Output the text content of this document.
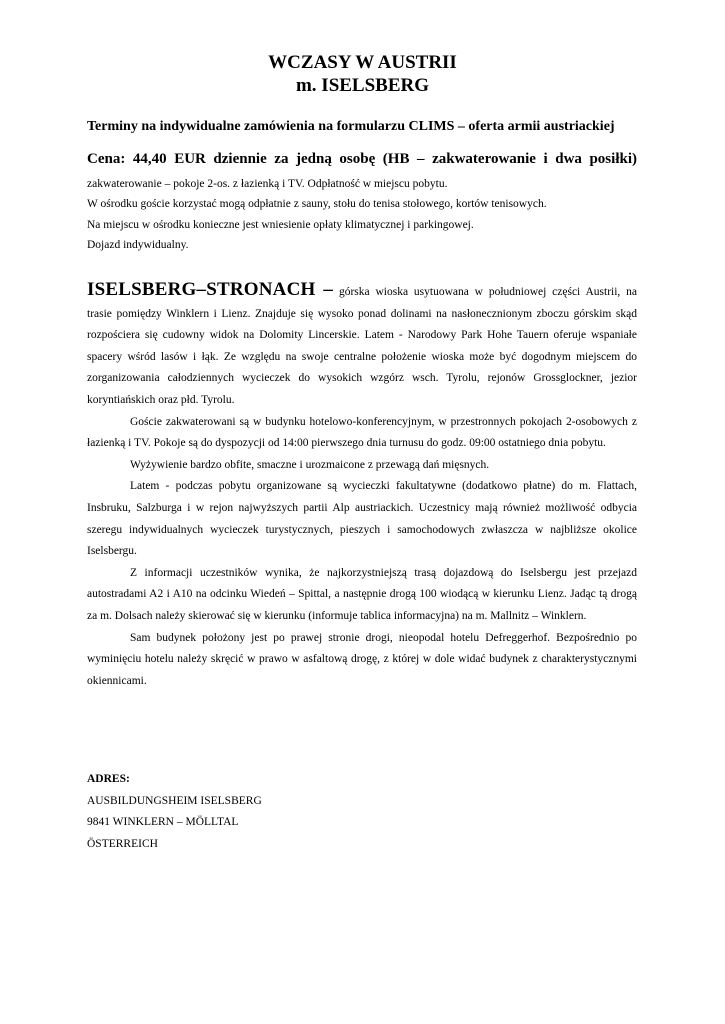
WCZASY W AUSTRII
m. ISELSBERG
Terminy na indywidualne zamówienia na formularzu CLIMS – oferta armii austriackiej
Cena: 44,40 EUR dziennie za jedną osobę (HB – zakwaterowanie i dwa posiłki)
zakwaterowanie – pokoje 2-os. z łazienką i TV. Odpłatność w miejscu pobytu.
W ośrodku goście korzystać mogą odpłatnie z sauny, stołu do tenisa stołowego, kortów tenisowych.
Na miejscu w ośrodku konieczne jest wniesienie opłaty klimatycznej i parkingowej.
Dojazd indywidualny.

ISELSBERG–STRONACH – górska wioska usytuowana w południowej części Austrii, na trasie pomiędzy Winklern i Lienz. Znajduje się wysoko ponad dolinami na nasłonecznionym zboczu górskim skąd rozpościera się cudowny widok na Dolomity Lincerskie. Latem - Narodowy Park Hohe Tauern oferuje wspaniałe spacery wśród lasów i łąk. Ze względu na swoje centralne położenie wioska może być dogodnym miejscem do zorganizowania całodziennych wycieczek do wysokich wzgórz wsch. Tyrolu, rejonów Grossglockner, jezior koryntiańskich oraz płd. Tyrolu.

Goście zakwaterowani są w budynku hotelowo-konferencyjnym, w przestronnych pokojach 2-osobowych z łazienką i TV. Pokoje są do dyspozycji od 14:00 pierwszego dnia turnusu do godz. 09:00 ostatniego dnia pobytu.

Wyżywienie bardzo obfite, smaczne i urozmaicone z przewagą dań mięsnych.

Latem - podczas pobytu organizowane są wycieczki fakultatywne (dodatkowo płatne) do m. Flattach, Insbruku, Salzburga i w rejon najwyższych partii Alp austriackich. Uczestnicy mają również możliwość odbycia szeregu indywidualnych wycieczek turystycznych, pieszych i samochodowych zwłaszcza w najbliższe okolice Iselsbergu.

Z informacji uczestników wynika, że najkorzystniejszą trasą dojazdową do Iselsbergu jest przejazd autostradami A2 i A10 na odcinku Wiedeń – Spittal, a następnie drogą 100 wiodącą w kierunku Lienz. Jadąc tą drogą za m. Dolsach należy skierować się w kierunku (informuje tablica informacyjna) na m. Mallnitz – Winklern.

Sam budynek położony jest po prawej stronie drogi, nieopodal hotelu Defreggerhof. Bezpośrednio po wyminięciu hotelu należy skręcić w prawo w asfaltową drogę, z której w dole widać budynek z charakterystycznymi okiennicami.

ADRES:
AUSBILDUNGSHEIM ISELSBERG
9841 WINKLERN – MÖLLTAL
ÖSTERREICH
